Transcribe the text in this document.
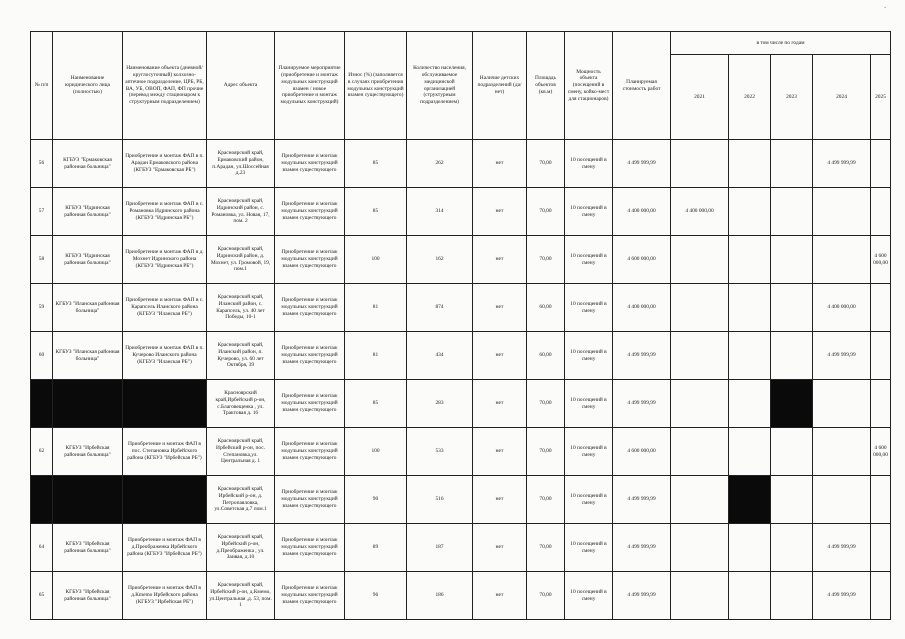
·
№ п/п	Наименование юридического лица (полностью)	Наименование объекта (дневной/круглосуточный) колхозно-аптечное подразделение, ЦРБ, РБ, ВА, УБ, ОВОП, ФАП, ФП прочие (перевод между стационаром к структурным подразделением)	Адрес объекта	Планируемое мероприятие (приобретение и монтаж модульных конструкций взамен / новое приобретение и монтаж модульных конструкций)	Износ (%) (заполняется в случаях приобретения модульных конструкций взамен существующего)	Количество населения, обслуживаемое медицинской организацией (структурным подразделением)	Наличие детских подразделений (да/нет)	Площадь объектов (кв.м)	Мощность объекта (посещений в смену, койко-мест для стационаров)	Планируемая стоимость работ	в том числе по годам				
											2021	2022	2023	2024	2025
56	КГБУЗ "Ермаковская районная больница"	Приобретение и монтаж ФАП в п. Арадан Ермаковского района (КГБУЗ "Ермаковская РБ")	Красноярский край, Ермаковский район, п.Арадан, ул.Шоссейная д.23	Приобретение и монтаж модульных конструкций взамен существующего	85	262	нет	70,00	10 посещений в смену	4 499 999,99				4 499 999,99	
57	КГБУЗ "Идринская районная больница"	Приобретение и монтаж ФАП в с. Романовка Идринского района (КГБУЗ "Идринская РБ")	Красноярский край, Идринский район, с. Романовка, ул. Новая, 17, пом. 2	Приобретение и монтаж модульных конструкций взамен существующего	85	314	нет	70,00	10 посещений в смену	4 400 000,00	4 400 000,00				
58	КГБУЗ "Идринская районная больница"	Приобретение и монтаж ФАП в д. Мохнет Идринского района (КГБУЗ "Идринская РБ")	Красноярский край, Идринский район, д. Мохнет, ул. Громовой, 19, пом.1	Приобретение и монтаж модульных конструкций взамен существующего	100	162	нет	70,00	10 посещений в смену	4 600 000,00					4 600 000,00
59	КГБУЗ "Иланская районная больница"	Приобретение и монтаж ФАП в с. Карапсель Иланского района (КГБУЗ "Иланская РБ")	Красноярский край, Иланский район, с. Карапсель, ул. 40 лет Победы, 10-1	Приобретение и монтаж модульных конструкций взамен существующего	81	874	нет	60,00	10 посещений в смену	4 400 000,00				4 400 000,00	
60	КГБУЗ "Иланская районная больница"	Приобретение и монтаж ФАП в п. Кучерово Иланского района (КГБУЗ "Иланская РБ")	Красноярский край, Иланский район, п. Кучерово, ул. 60 лет Октября, 39	Приобретение и монтаж модульных конструкций взамен существующего	81	434	нет	60,00	10 посещений в смену	4 499 999,99				4 499 999,99	
			Красноярский край,Ирбейский р-он, с.Благовещенка , ул. Трактовая д. 16	Приобретение и монтаж модульных конструкций взамен существующего	85	283	нет	70,00	10 посещений в смену	4 499 999,99					
62	КГБУЗ "Ирбейская районная больница"	Приобретение и монтаж ФАП в пос. Степановка Ирбейского района (КГБУЗ "Ирбейская РБ")	Красноярский край, Ирбейский р-он, пос. Степановка,ул. Центральная д. 1	Приобретение и монтаж модульных конструкций взамен существующего	100	533	нет	70,00	10 посещений в смену	4 600 000,00					4 600 000,00
			Красноярский край, Ирбейский р-он, д. Петропавловка, ул.Советская д.7 пом.1	Приобретение и монтаж модульных конструкций взамен существующего	90	516	нет	70,00	10 посещений в смену	4 499 999,99					
64	КГБУЗ "Ирбейская районная больница"	Приобретение и монтаж ФАП в д.Преображенка Ирбейского района (КГБУЗ "Ирбейская РБ")	Красноярский край, Ирбейский р-он, д.Преображенка , ул. Заивая, д.10	Приобретение и монтаж модульных конструкций взамен существующего	89	187	нет	70,00	10 посещений в смену	4 499 999,99				4 499 999,99	
65	КГБУЗ "Ирбейская районная больница"	Приобретение и монтаж ФАП в д.Кmemo Ирбейского района (КГБУЗ "Ирбейская РБ")	Красноярский край, Ирбейский р-он, д.Кмемо, ул.Центральная ,д. 53, пом. 1	Приобретение и монтаж модульных конструкций взамен существующего	96	186	нет	70,00	10 посещений в смену	4 499 999,99				4 499 999,99	
